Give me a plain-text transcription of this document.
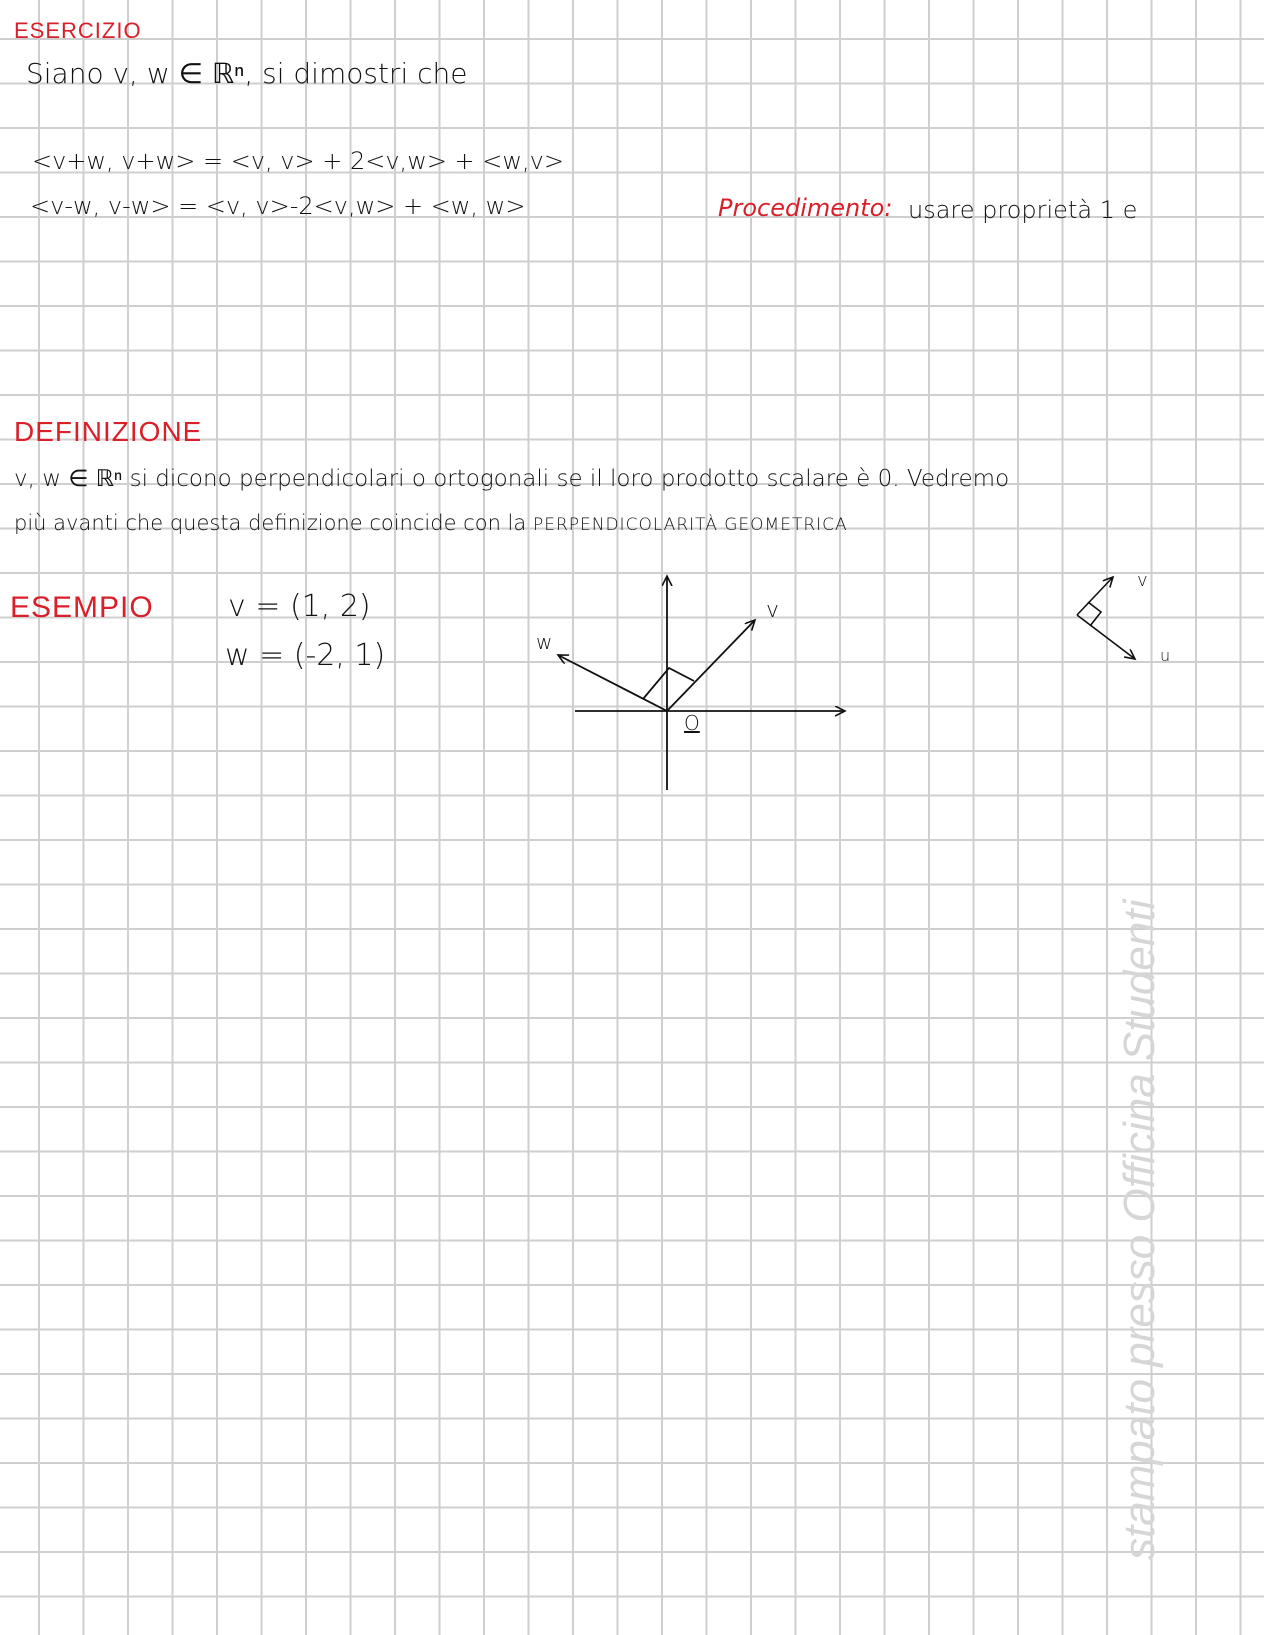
ESERCIZIO
Siano v, w ∈ ℝⁿ, si dimostri che
<v+w, v+w> = <v, v> + 2<v,w> + <w,v>
<v-w, v-w> = <v, v>-2<v,w> + <w, w>	Procedimento: usare proprietà 1 e
DEFINIZIONE
v, w ∈ ℝⁿ si dicono perpendicolari o ortogonali se il loro prodotto scalare è 0. Vedremo
più avanti che questa definizione coincide con la PERPENDICOLARITÀ GEOMETRICA
ESEMPIO v = (1, 2)
w = (-2, 1)
v
w
O
v
u
stampato presso Officina Studenti
